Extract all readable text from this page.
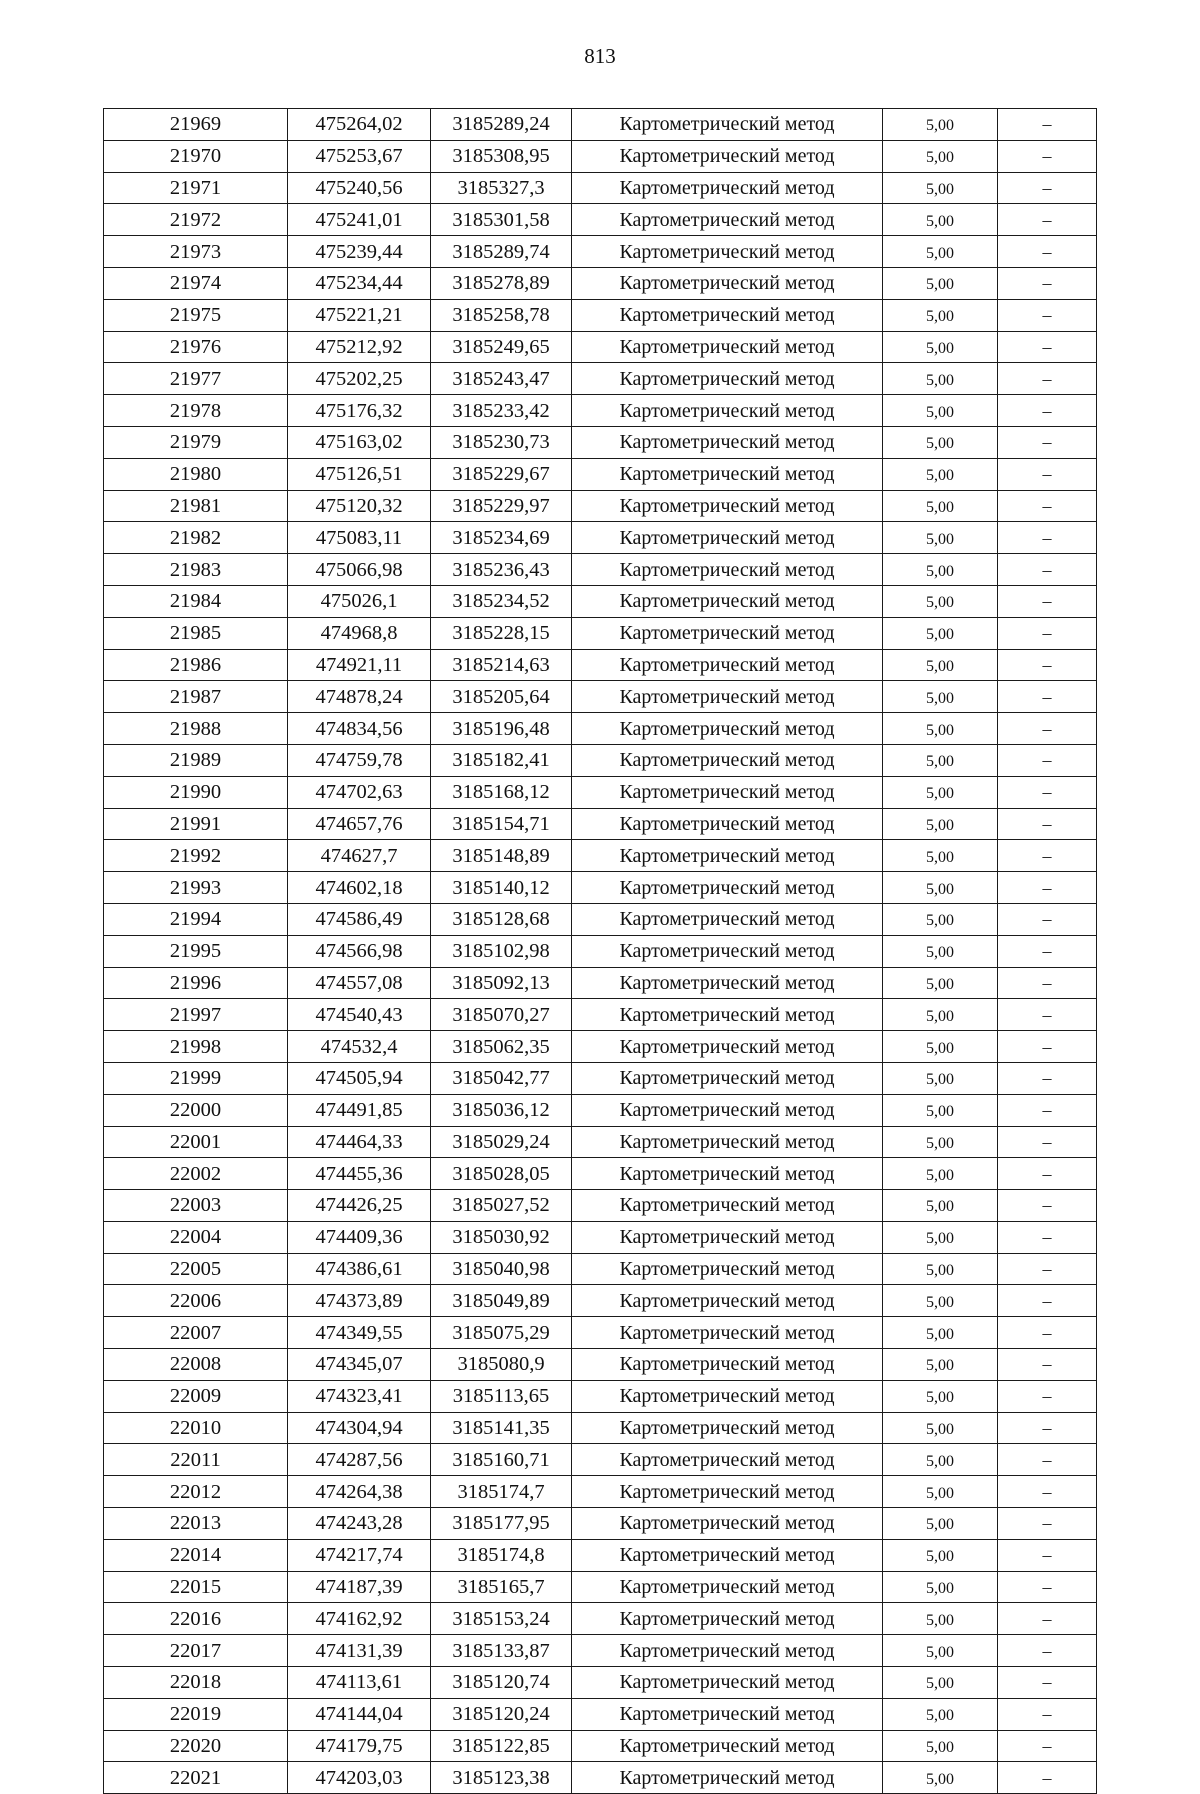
813
21969	475264,02	3185289,24	Картометрический метод	5,00	–
21970	475253,67	3185308,95	Картометрический метод	5,00	–
21971	475240,56	3185327,3	Картометрический метод	5,00	–
21972	475241,01	3185301,58	Картометрический метод	5,00	–
21973	475239,44	3185289,74	Картометрический метод	5,00	–
21974	475234,44	3185278,89	Картометрический метод	5,00	–
21975	475221,21	3185258,78	Картометрический метод	5,00	–
21976	475212,92	3185249,65	Картометрический метод	5,00	–
21977	475202,25	3185243,47	Картометрический метод	5,00	–
21978	475176,32	3185233,42	Картометрический метод	5,00	–
21979	475163,02	3185230,73	Картометрический метод	5,00	–
21980	475126,51	3185229,67	Картометрический метод	5,00	–
21981	475120,32	3185229,97	Картометрический метод	5,00	–
21982	475083,11	3185234,69	Картометрический метод	5,00	–
21983	475066,98	3185236,43	Картометрический метод	5,00	–
21984	475026,1	3185234,52	Картометрический метод	5,00	–
21985	474968,8	3185228,15	Картометрический метод	5,00	–
21986	474921,11	3185214,63	Картометрический метод	5,00	–
21987	474878,24	3185205,64	Картометрический метод	5,00	–
21988	474834,56	3185196,48	Картометрический метод	5,00	–
21989	474759,78	3185182,41	Картометрический метод	5,00	–
21990	474702,63	3185168,12	Картометрический метод	5,00	–
21991	474657,76	3185154,71	Картометрический метод	5,00	–
21992	474627,7	3185148,89	Картометрический метод	5,00	–
21993	474602,18	3185140,12	Картометрический метод	5,00	–
21994	474586,49	3185128,68	Картометрический метод	5,00	–
21995	474566,98	3185102,98	Картометрический метод	5,00	–
21996	474557,08	3185092,13	Картометрический метод	5,00	–
21997	474540,43	3185070,27	Картометрический метод	5,00	–
21998	474532,4	3185062,35	Картометрический метод	5,00	–
21999	474505,94	3185042,77	Картометрический метод	5,00	–
22000	474491,85	3185036,12	Картометрический метод	5,00	–
22001	474464,33	3185029,24	Картометрический метод	5,00	–
22002	474455,36	3185028,05	Картометрический метод	5,00	–
22003	474426,25	3185027,52	Картометрический метод	5,00	–
22004	474409,36	3185030,92	Картометрический метод	5,00	–
22005	474386,61	3185040,98	Картометрический метод	5,00	–
22006	474373,89	3185049,89	Картометрический метод	5,00	–
22007	474349,55	3185075,29	Картометрический метод	5,00	–
22008	474345,07	3185080,9	Картометрический метод	5,00	–
22009	474323,41	3185113,65	Картометрический метод	5,00	–
22010	474304,94	3185141,35	Картометрический метод	5,00	–
22011	474287,56	3185160,71	Картометрический метод	5,00	–
22012	474264,38	3185174,7	Картометрический метод	5,00	–
22013	474243,28	3185177,95	Картометрический метод	5,00	–
22014	474217,74	3185174,8	Картометрический метод	5,00	–
22015	474187,39	3185165,7	Картометрический метод	5,00	–
22016	474162,92	3185153,24	Картометрический метод	5,00	–
22017	474131,39	3185133,87	Картометрический метод	5,00	–
22018	474113,61	3185120,74	Картометрический метод	5,00	–
22019	474144,04	3185120,24	Картометрический метод	5,00	–
22020	474179,75	3185122,85	Картометрический метод	5,00	–
22021	474203,03	3185123,38	Картометрический метод	5,00	–
